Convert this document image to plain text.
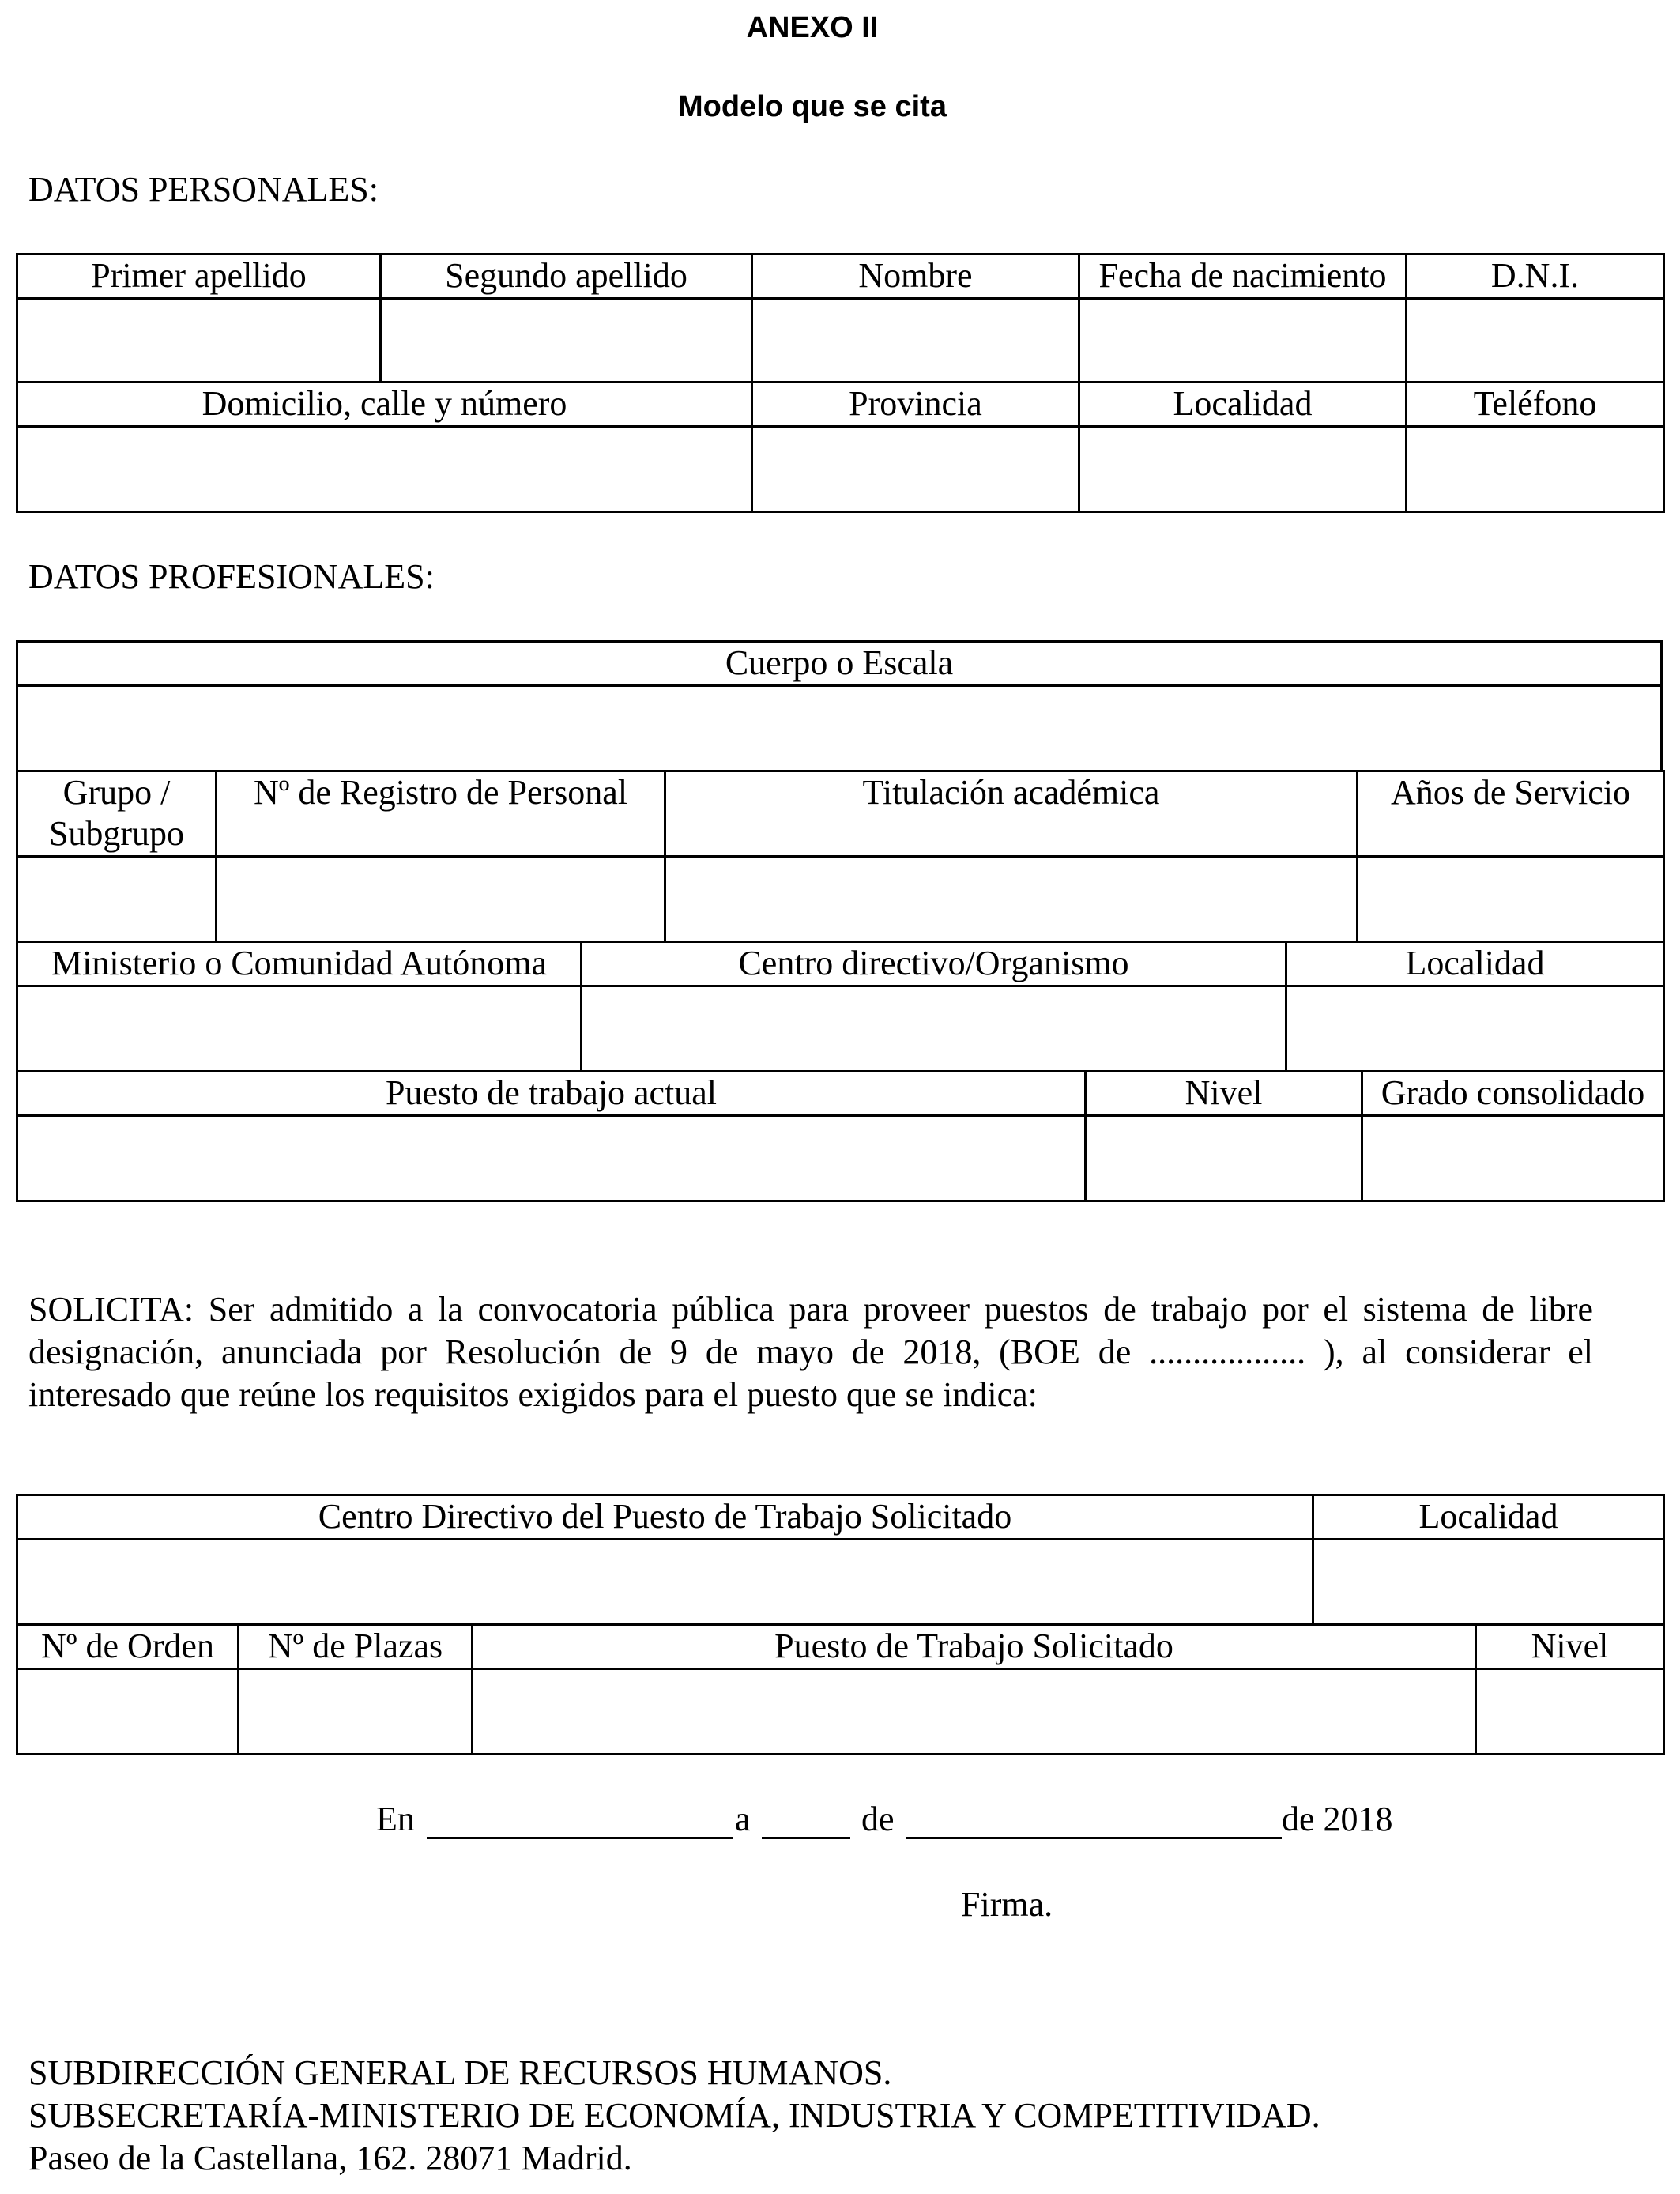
ANEXO II
Modelo que se cita
DATOS PERSONALES:
Primer apellido	Segundo apellido	Nombre	Fecha de nacimiento	D.N.I.

Domicilio, calle y número		Provincia	Localidad	Teléfono

DATOS PROFESIONALES:
Cuerpo o Escala

Grupo / Subgrupo	Nº de Registro de Personal	Titulación académica	Años de Servicio

Ministerio o Comunidad Autónoma	Centro directivo/Organismo	Localidad

Puesto de trabajo actual	Nivel	Grado consolidado

SOLICITA: Ser admitido a la convocatoria pública para proveer puestos de trabajo por el sistema de libre designación, anunciada por Resolución de 9 de mayo de 2018, (BOE de .................. ), al considerar el interesado que reúne los requisitos exigidos para el puesto que se indica:
Centro Directivo del Puesto de Trabajo Solicitado	Localidad

Nº de Orden	Nº de Plazas	Puesto de Trabajo Solicitado	Nivel

En	a	de	de 2018
Firma.
SUBDIRECCIÓN GENERAL DE RECURSOS HUMANOS.
SUBSECRETARÍA-MINISTERIO DE ECONOMÍA, INDUSTRIA Y COMPETITIVIDAD.
Paseo de la Castellana, 162. 28071 Madrid.
